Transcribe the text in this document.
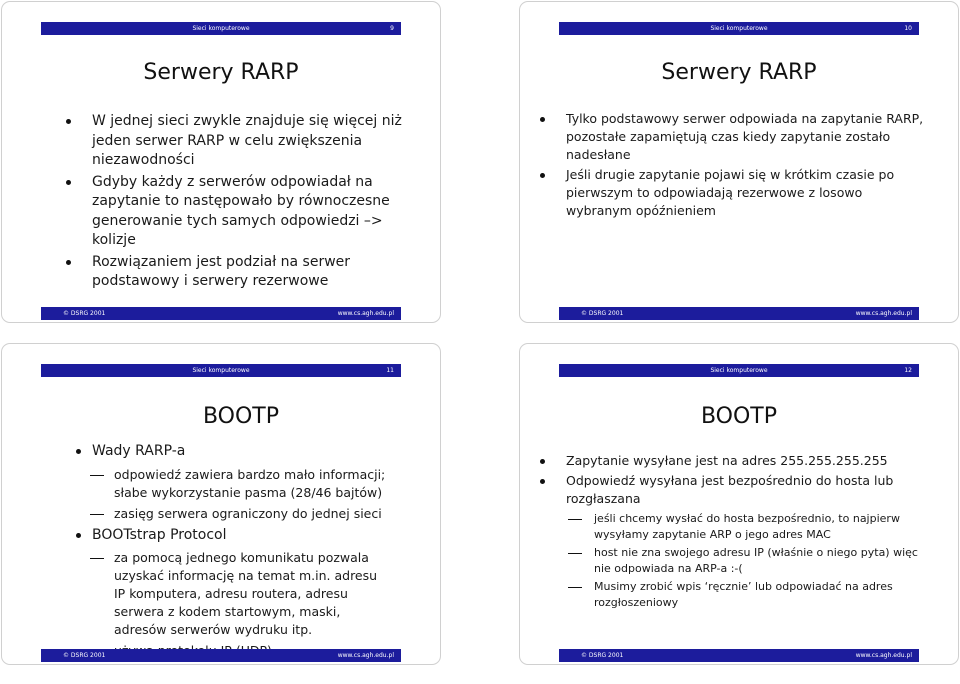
Sieci komputerowe	9
Serwery RARP
W jednej sieci zwykle znajduje się więcej niż jeden serwer RARP w celu zwiększenia niezawodności
Gdyby każdy z serwerów odpowiadał na zapytanie to następowało by równoczesne generowanie tych samych odpowiedzi –> kolizje
Rozwiązaniem jest podział na serwer podstawowy i serwery rezerwowe
© DSRG 2001	www.cs.agh.edu.pl
Sieci komputerowe	10
Serwery RARP
Tylko podstawowy serwer odpowiada na zapytanie RARP, pozostałe zapamiętują czas kiedy zapytanie zostało nadesłane
Jeśli drugie zapytanie pojawi się w krótkim czasie po pierwszym to odpowiadają rezerwowe z losowo wybranym opóźnieniem
© DSRG 2001	www.cs.agh.edu.pl
Sieci komputerowe	11
BOOTP
Wady RARP-a
odpowiedź zawiera bardzo mało informacji; słabe wykorzystanie pasma (28/46 bajtów)
zasięg serwera ograniczony do jednej sieci
BOOTstrap Protocol
za pomocą jednego komunikatu pozwala uzyskać informację na temat m.in. adresu IP komputera, adresu routera, adresu serwera z kodem startowym, maski, adresów serwerów wydruku itp.
© DSRG 2001	www.cs.agh.edu.pl
Sieci komputerowe	12
BOOTP
Zapytanie wysyłane jest na adres 255.255.255.255
Odpowiedź wysyłana jest bezpośrednio do hosta lub rozgłaszana
jeśli chcemy wysłać do hosta bezpośrednio, to najpierw wysyłamy zapytanie ARP o jego adres MAC
host nie zna swojego adresu IP (właśnie o niego pyta) więc nie odpowiada na ARP-a :-(
Musimy zrobić wpis ‘ręcznie’ lub odpowiadać na adres rozgłoszeniowy
© DSRG 2001	www.cs.agh.edu.pl
